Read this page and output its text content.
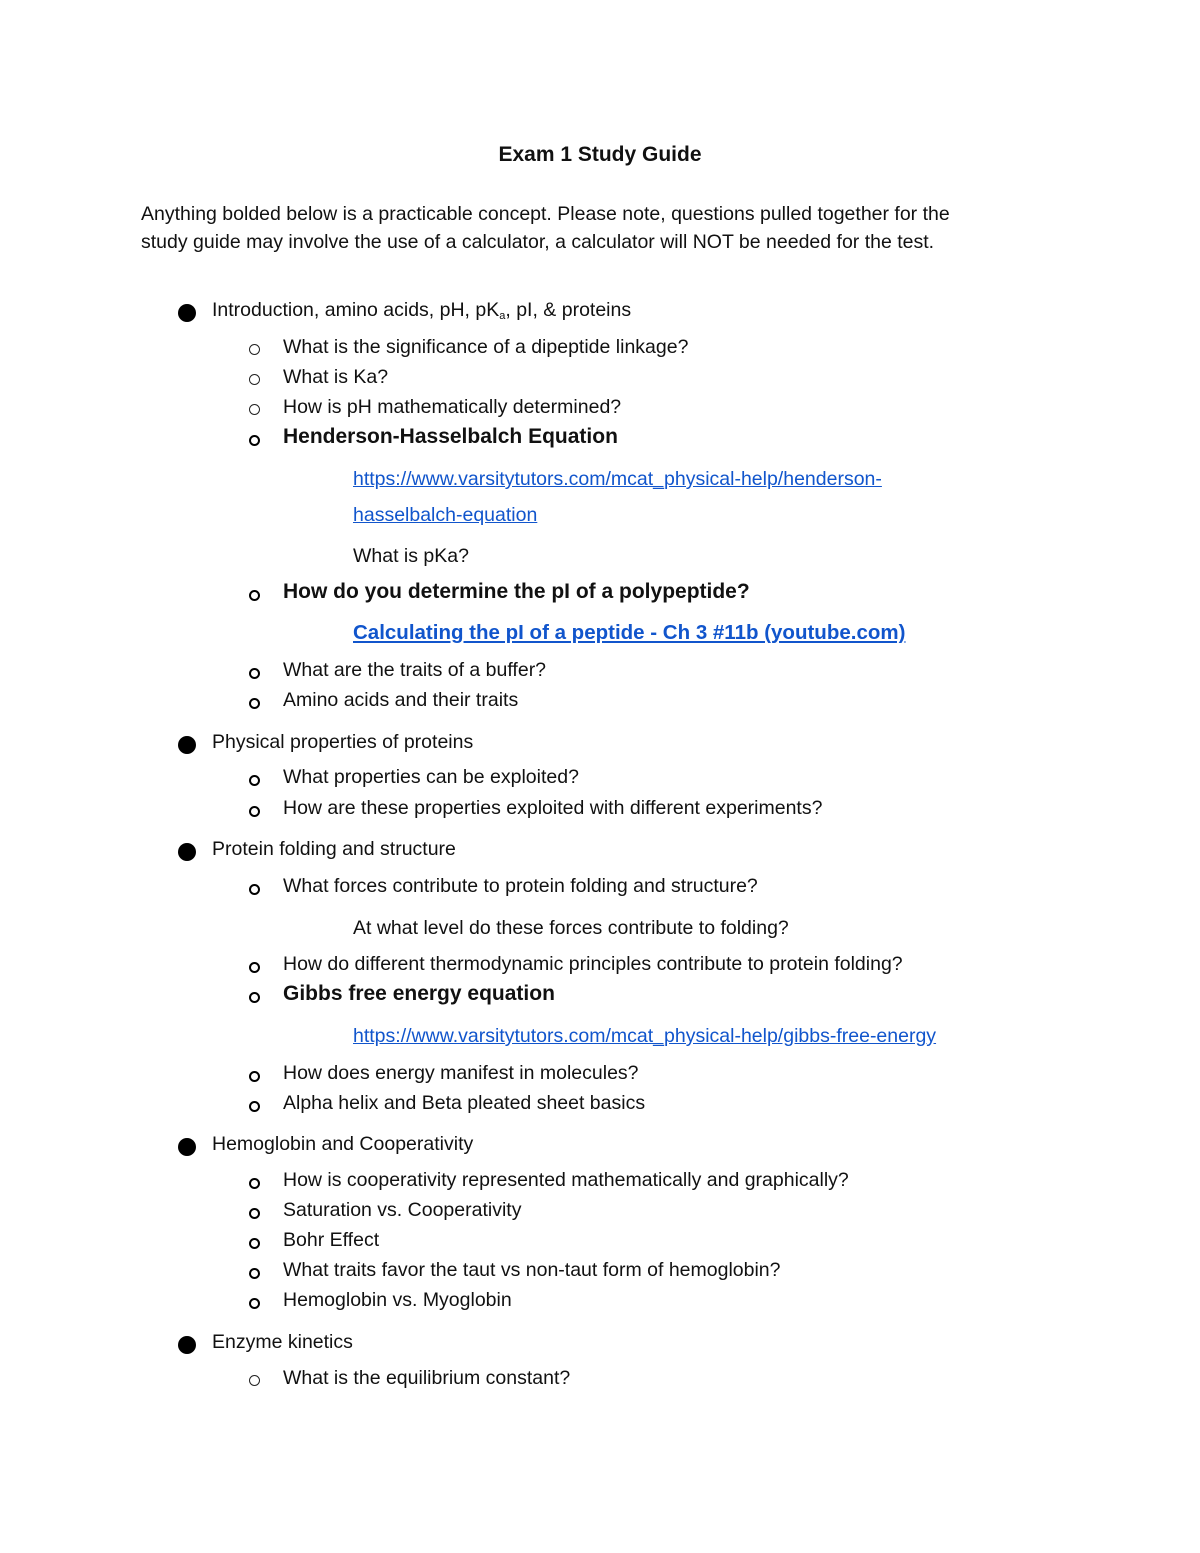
Exam 1 Study Guide
Anything bolded below is a practicable concept. Please note, questions pulled together for the
study guide may involve the use of a calculator, a calculator will NOT be needed for the test.
Introduction, amino acids, pH, $pK_a$, pI, & proteins
What is the significance of a dipeptide linkage?
What is Ka?
How is pH mathematically determined?
Henderson-Hasselbalch Equation
https://www.varsitytutors.com/mcat_physical-help/henderson-
hasselbalch-equation
What is pKa?
How do you determine the pI of a polypeptide?
Calculating the pI of a peptide - Ch 3 #11b (youtube.com)
What are the traits of a buffer?
Amino acids and their traits
Physical properties of proteins
What properties can be exploited?
How are these properties exploited with different experiments?
Protein folding and structure
What forces contribute to protein folding and structure?
At what level do these forces contribute to folding?
How do different thermodynamic principles contribute to protein folding?
Gibbs free energy equation
https://www.varsitytutors.com/mcat_physical-help/gibbs-free-energy
How does energy manifest in molecules?
Alpha helix and Beta pleated sheet basics
Hemoglobin and Cooperativity
How is cooperativity represented mathematically and graphically?
Saturation vs. Cooperativity
Bohr Effect
What traits favor the taut vs non-taut form of hemoglobin?
Hemoglobin vs. Myoglobin
Enzyme kinetics
What is the equilibrium constant?
